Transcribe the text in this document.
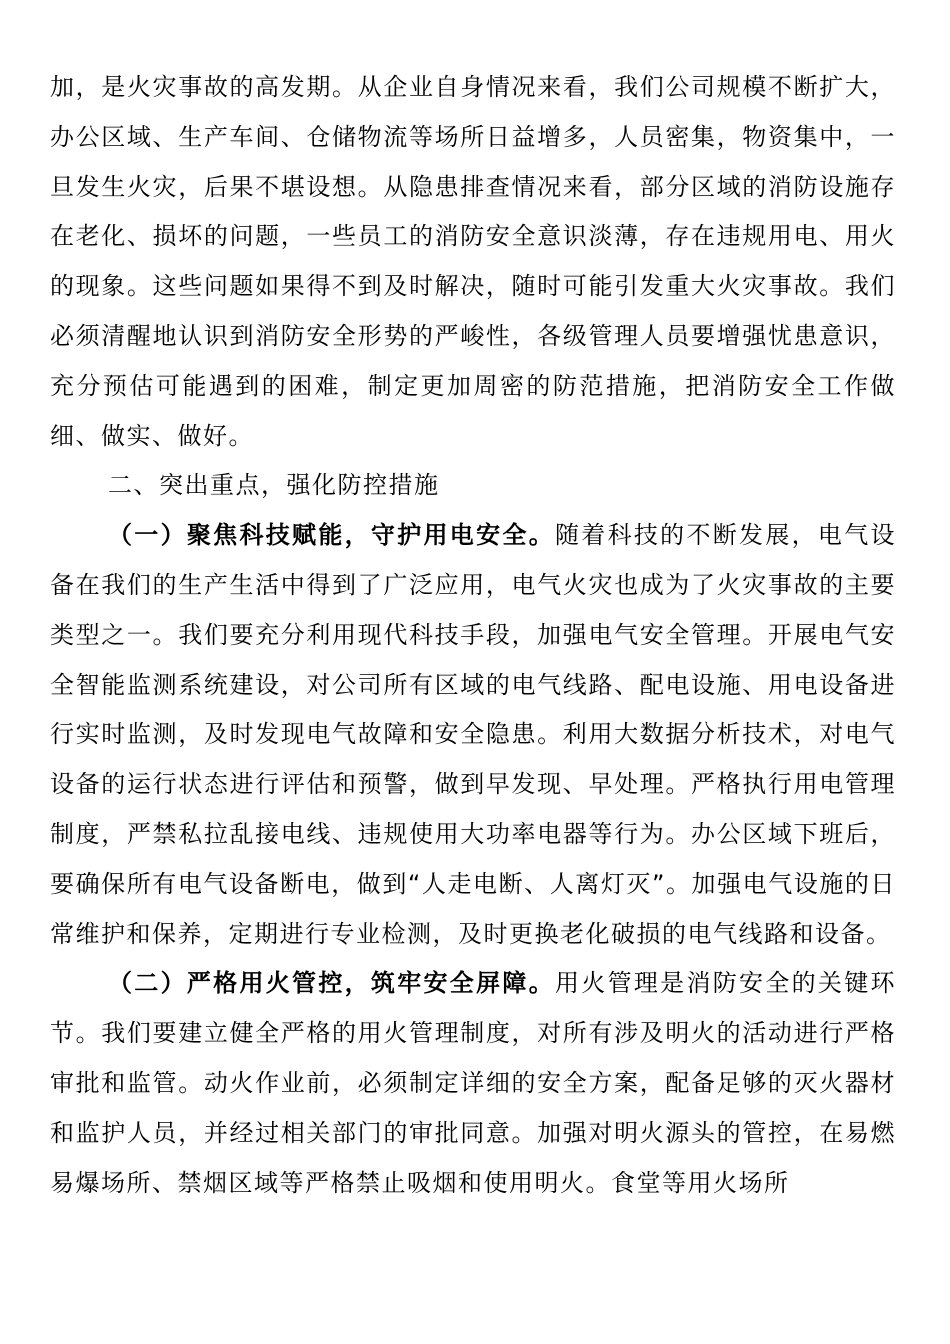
加，是火灾事故的高发期。从企业自身情况来看，我们公司规模不断扩大，办公区域、生产车间、仓储物流等场所日益增多，人员密集，物资集中，一旦发生火灾，后果不堪设想。从隐患排查情况来看，部分区域的消防设施存在老化、损坏的问题，一些员工的消防安全意识淡薄，存在违规用电、用火的现象。这些问题如果得不到及时解决，随时可能引发重大火灾事故。我们必须清醒地认识到消防安全形势的严峻性，各级管理人员要增强忧患意识，充分预估可能遇到的困难，制定更加周密的防范措施，把消防安全工作做细、做实、做好。

二、突出重点，强化防控措施

（一）聚焦科技赋能，守护用电安全。随着科技的不断发展，电气设备在我们的生产生活中得到了广泛应用，电气火灾也成为了火灾事故的主要类型之一。我们要充分利用现代科技手段，加强电气安全管理。开展电气安全智能监测系统建设，对公司所有区域的电气线路、配电设施、用电设备进行实时监测，及时发现电气故障和安全隐患。利用大数据分析技术，对电气设备的运行状态进行评估和预警，做到早发现、早处理。严格执行用电管理制度，严禁私拉乱接电线、违规使用大功率电器等行为。办公区域下班后，要确保所有电气设备断电，做到“人走电断、人离灯灭”。加强电气设施的日常维护和保养，定期进行专业检测，及时更换老化破损的电气线路和设备。

（二）严格用火管控，筑牢安全屏障。用火管理是消防安全的关键环节。我们要建立健全严格的用火管理制度，对所有涉及明火的活动进行严格审批和监管。动火作业前，必须制定详细的安全方案，配备足够的灭火器材和监护人员，并经过相关部门的审批同意。加强对明火源头的管控，在易燃易爆场所、禁烟区域等严格禁止吸烟和使用明火。食堂等用火场所
